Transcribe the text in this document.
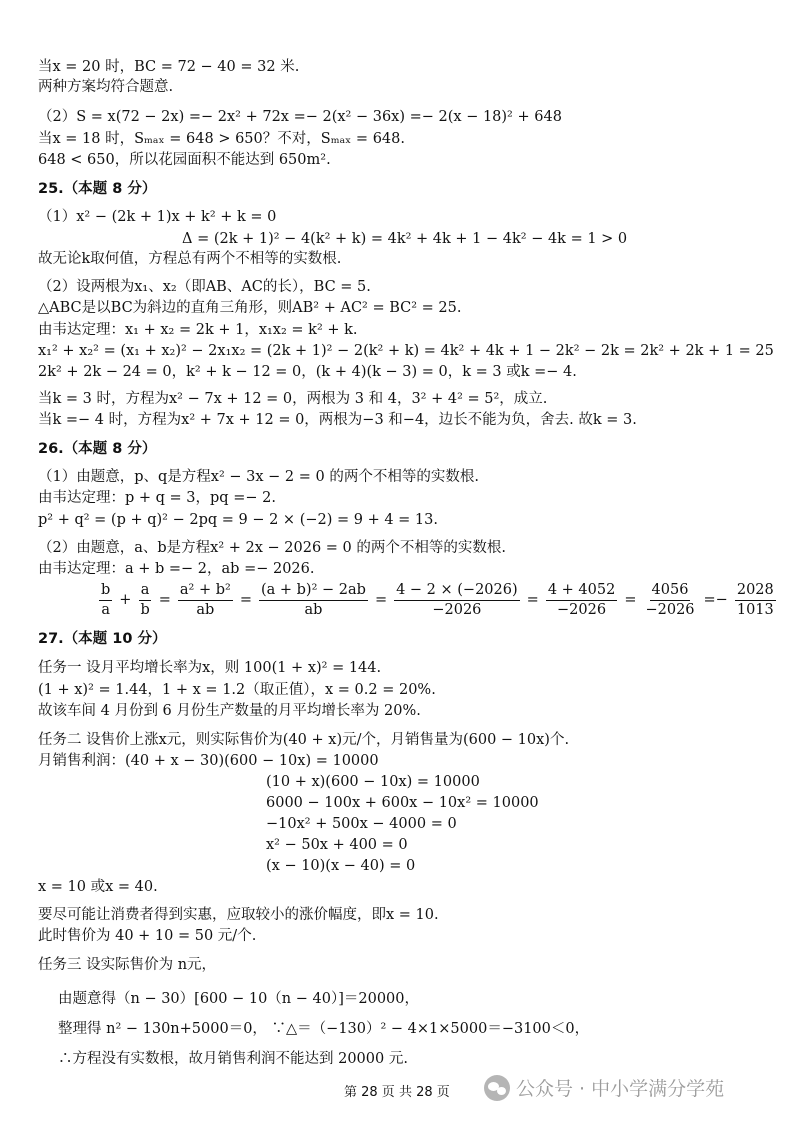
当x = 20 时，BC = 72 − 40 = 32 米.
两种方案均符合题意.
（2）S = x(72 − 2x) =− 2x² + 72x =− 2(x² − 36x) =− 2(x − 18)² + 648
当x = 18 时，Sₘₐₓ = 648 > 650？不对，Sₘₐₓ = 648.
648 < 650，所以花园面积不能达到 650m².
25.（本题 8 分）
（1）x² − (2k + 1)x + k² + k = 0
Δ = (2k + 1)² − 4(k² + k) = 4k² + 4k + 1 − 4k² − 4k = 1 > 0
故无论k取何值，方程总有两个不相等的实数根.
（2）设两根为x₁、x₂（即AB、AC的长），BC = 5.
△ABC是以BC为斜边的直角三角形，则AB² + AC² = BC² = 25.
由韦达定理：x₁ + x₂ = 2k + 1，x₁x₂ = k² + k.
x₁² + x₂² = (x₁ + x₂)² − 2x₁x₂ = (2k + 1)² − 2(k² + k) = 4k² + 4k + 1 − 2k² − 2k = 2k² + 2k + 1 = 25
2k² + 2k − 24 = 0，k² + k − 12 = 0，(k + 4)(k − 3) = 0，k = 3 或k =− 4.
当k = 3 时，方程为x² − 7x + 12 = 0，两根为 3 和 4，3² + 4² = 5²，成立.
当k =− 4 时，方程为x² + 7x + 12 = 0，两根为−3 和−4，边长不能为负，舍去. 故k = 3.
26.（本题 8 分）
（1）由题意，p、q是方程x² − 3x − 2 = 0 的两个不相等的实数根.
由韦达定理：p + q = 3，pq =− 2.
p² + q² = (p + q)² − 2pq = 9 − 2 × (−2) = 9 + 4 = 13.
（2）由题意，a、b是方程x² + 2x − 2026 = 0 的两个不相等的实数根.
由韦达定理：a + b =− 2，ab =− 2026.
27.（本题 10 分）
任务一 设月平均增长率为x，则 100(1 + x)² = 144.
(1 + x)² = 1.44，1 + x = 1.2（取正值），x = 0.2 = 20%.
故该车间 4 月份到 6 月份生产数量的月平均增长率为 20%.
任务二 设售价上涨x元，则实际售价为(40 + x)元/个，月销售量为(600 − 10x)个.
月销售利润：(40 + x − 30)(600 − 10x) = 10000
(10 + x)(600 − 10x) = 10000
6000 − 100x + 600x − 10x² = 10000
−10x² + 500x − 4000 = 0
x² − 50x + 400 = 0
(x − 10)(x − 40) = 0
x = 10 或x = 40.
要尽可能让消费者得到实惠，应取较小的涨价幅度，即x = 10.
此时售价为 40 + 10 = 50 元/个.
任务三 设实际售价为 n元，
由题意得（n − 30）[600 − 10（n − 40）]＝20000，
整理得 n² − 130n+5000＝0， ∵△＝（−130）² − 4×1×5000＝−3100＜0，
∴方程没有实数根，故月销售利润不能达到 20000 元.
$\frac{b}{a} + \frac{a}{b} = \frac{\text{a² + b²}}{ab} = \frac{\text{(a + b)² − 2ab}}{ab} = \frac{4 - 2 \times (-2026)}{-2026} = \frac{4 + 4052}{-2026} = \frac{4056}{-2026} =- \frac{2028}{1013}$
第 28 页 共 28 页	公众号 · 中小学满分学苑
